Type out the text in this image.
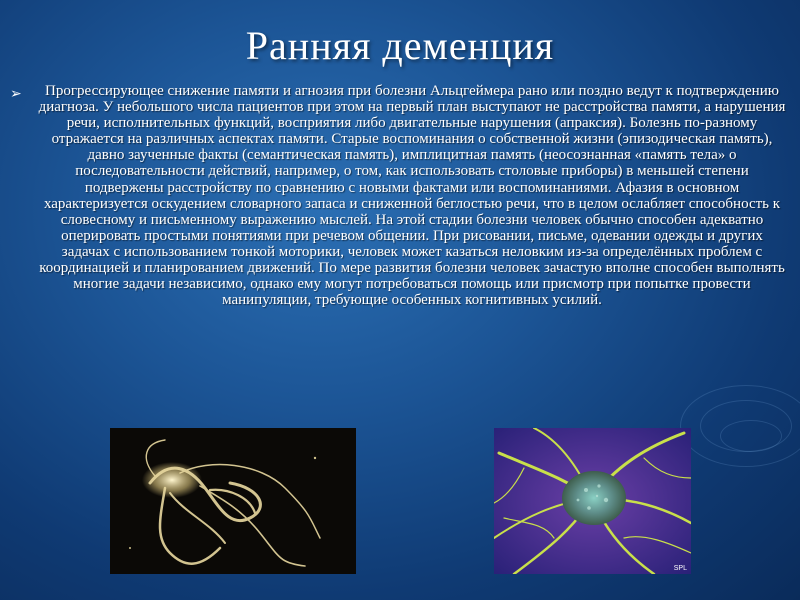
Ранняя деменция
➢	Прогрессирующее снижение памяти и агнозия при болезни Альцгеймера рано или поздно ведут к подтверждению диагноза. У небольшого числа пациентов при этом на первый план выступают не расстройства памяти, а нарушения речи, исполнительных функций, восприятия либо двигательные нарушения (апраксия). Болезнь по-разному отражается на различных аспектах памяти. Старые воспоминания о собственной жизни (эпизодическая память), давно заученные факты (семантическая память), имплицитная память (неосознанная «память тела» о последовательности действий, например, о том, как использовать столовые приборы) в меньшей степени подвержены расстройству по сравнению с новыми фактами или воспоминаниями. Афазия в основном характеризуется оскудением словарного запаса и сниженной беглостью речи, что в целом ослабляет способность к словесному и письменному выражению мыслей. На этой стадии болезни человек обычно способен адекватно оперировать простыми понятиями при речевом общении. При рисовании, письме, одевании одежды и других задачах с использованием тонкой моторики, человек может казаться неловким из-за определённых проблем с координацией и планированием движений. По мере развития болезни человек зачастую вполне способен выполнять многие задачи независимо, однако ему могут потребоваться помощь или присмотр при попытке провести манипуляции, требующие особенных когнитивных усилий.

SPL
